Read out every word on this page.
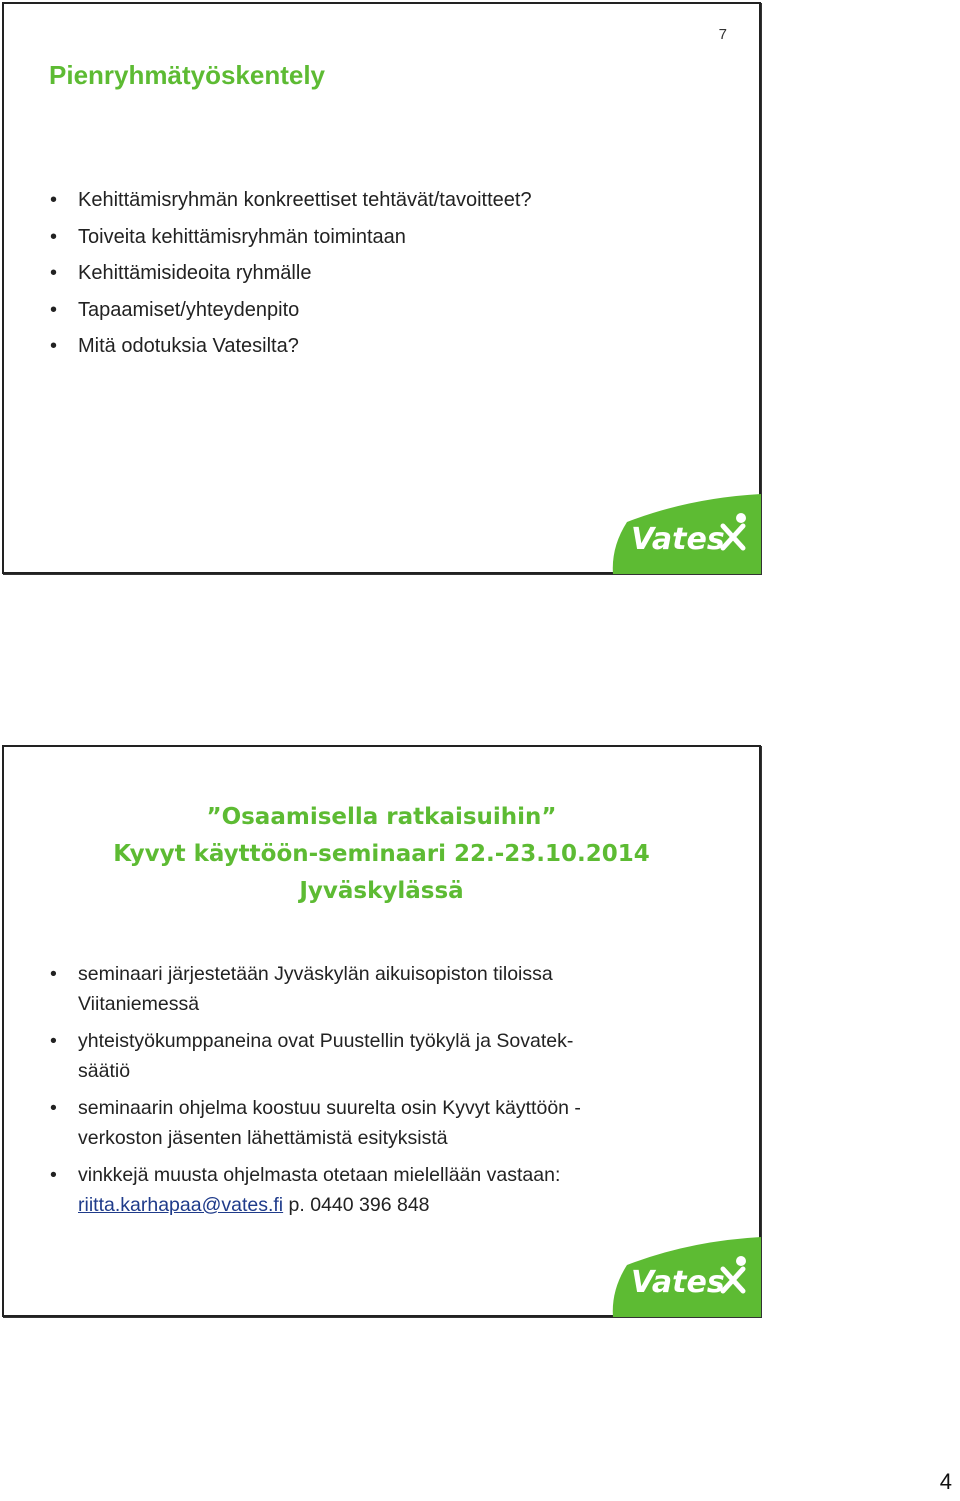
7
Pienryhmätyöskentely
• Kehittämisryhmän konkreettiset tehtävät/tavoitteet?
• Toiveita kehittämisryhmän toimintaan
• Kehittämisideoita ryhmälle
• Tapaamiset/yhteydenpito
• Mitä odotuksia Vatesilta?
Vates
”Osaamisella ratkaisuihin”
Kyvyt käyttöön-seminaari 22.-23.10.2014
Jyväskylässä
• seminaari järjestetään Jyväskylän aikuisopiston tiloissa
Viitaniemessä
• yhteistyökumppaneina ovat Puustellin työkylä ja Sovatek-
säätiö
• seminaarin ohjelma koostuu suurelta osin Kyvyt käyttöön -
verkoston jäsenten lähettämistä esityksistä
• vinkkejä muusta ohjelmasta otetaan mielellään vastaan:
riitta.karhapaa@vates.fi p. 0440 396 848
Vates
4
